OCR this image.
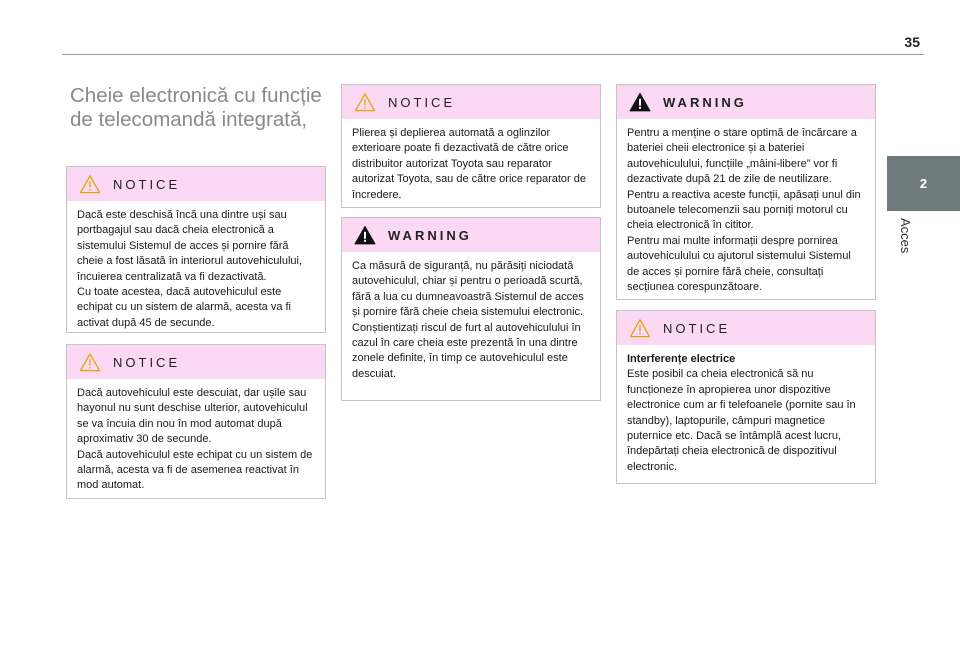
35
2
Acces
Cheie electronică cu funcție de telecomandă integrată,
NOTICE

Dacă este deschisă încă una dintre uși sau portbagajul sau dacă cheia electronică a sistemului Sistemul de acces și pornire fără cheie a fost lăsată în interiorul autovehiculului, încuierea centralizată va fi dezactivată.

Cu toate acestea, dacă autovehiculul este echipat cu un sistem de alarmă, acesta va fi activat după 45 de secunde.

NOTICE

Dacă autovehiculul este descuiat, dar ușile sau hayonul nu sunt deschise ulterior, autovehiculul se va încuia din nou în mod automat după aproximativ 30 de secunde.

Dacă autovehiculul este echipat cu un sistem de alarmă, acesta va fi de asemenea reactivat în mod automat.

NOTICE

Plierea și deplierea automată a oglinzilor exterioare poate fi dezactivată de către orice distribuitor autorizat Toyota sau reparator autorizat Toyota, sau de către orice reparator de încredere.

WARNING

Ca măsură de siguranță, nu părăsiți niciodată autovehiculul, chiar și pentru o perioadă scurtă, fără a lua cu dumneavoastră Sistemul de acces și pornire fără cheie cheia sistemului electronic.

Conștientizați riscul de furt al autovehiculului în cazul în care cheia este prezentă în una dintre zonele definite, în timp ce autovehiculul este descuiat.

WARNING

Pentru a menține o stare optimă de încărcare a bateriei cheii electronice și a bateriei autovehiculului, funcțiile „mâini-libere” vor fi dezactivate după 21 de zile de neutilizare.

Pentru a reactiva aceste funcții, apăsați unul din butoanele telecomenzii sau porniți motorul cu cheia electronică în cititor.

Pentru mai multe informații despre pornirea autovehiculului cu ajutorul sistemului Sistemul de acces și pornire fără cheie, consultați secțiunea corespunzătoare.

NOTICE

Interferențe electrice

Este posibil ca cheia electronică să nu funcționeze în apropierea unor dispozitive electronice cum ar fi telefoanele (pornite sau în standby), laptopurile, câmpuri magnetice puternice etc. Dacă se întâmplă acest lucru, îndepărtați cheia electronică de dispozitivul electronic.
